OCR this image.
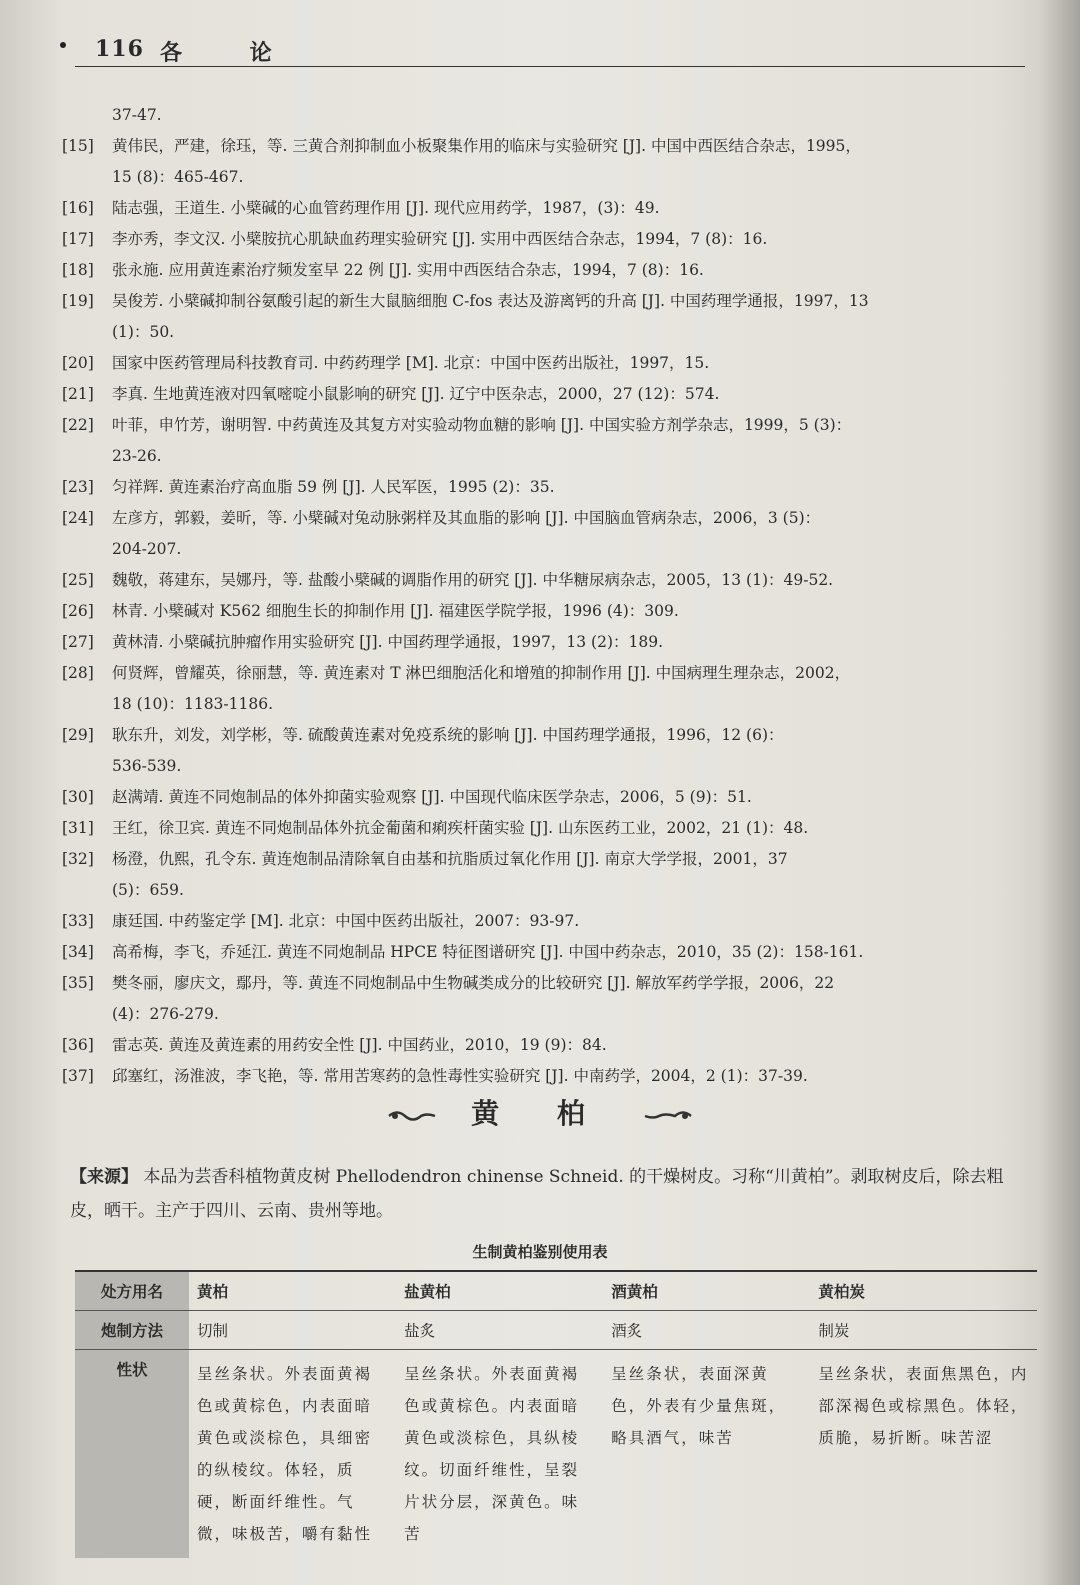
116 各 论
37-47.
[15] 黄伟民，严建，徐珏，等. 三黄合剂抑制血小板聚集作用的临床与实验研究 [J]. 中国中西医结合杂志，1995，
15 (8)：465-467.
[16] 陆志强，王道生. 小檗碱的心血管药理作用 [J]. 现代应用药学，1987，(3)：49.
[17] 李亦秀，李文汉. 小檗胺抗心肌缺血药理实验研究 [J]. 实用中西医结合杂志，1994，7 (8)：16.
[18] 张永施. 应用黄连素治疗频发室早 22 例 [J]. 实用中西医结合杂志，1994，7 (8)：16.
[19] 吴俊芳. 小檗碱抑制谷氨酸引起的新生大鼠脑细胞 C-fos 表达及游离钙的升高 [J]. 中国药理学通报，1997，13
(1)：50.
[20] 国家中医药管理局科技教育司. 中药药理学 [M]. 北京：中国中医药出版社，1997，15.
[21] 李真. 生地黄连液对四氧嘧啶小鼠影响的研究 [J]. 辽宁中医杂志，2000，27 (12)：574.
[22] 叶菲，申竹芳，谢明智. 中药黄连及其复方对实验动物血糖的影响 [J]. 中国实验方剂学杂志，1999，5 (3)：
23-26.
[23] 匀祥辉. 黄连素治疗高血脂 59 例 [J]. 人民军医，1995 (2)：35.
[24] 左彦方，郭毅，姜昕，等. 小檗碱对兔动脉粥样及其血脂的影响 [J]. 中国脑血管病杂志，2006，3 (5)：
204-207.
[25] 魏敬，蒋建东，吴娜丹，等. 盐酸小檗碱的调脂作用的研究 [J]. 中华糖尿病杂志，2005，13 (1)：49-52.
[26] 林青. 小檗碱对 K562 细胞生长的抑制作用 [J]. 福建医学院学报，1996 (4)：309.
[27] 黄林清. 小檗碱抗肿瘤作用实验研究 [J]. 中国药理学通报，1997，13 (2)：189.
[28] 何贤辉，曾耀英，徐丽慧，等. 黄连素对 T 淋巴细胞活化和增殖的抑制作用 [J]. 中国病理生理杂志，2002，
18 (10)：1183-1186.
[29] 耿东升，刘发，刘学彬，等. 硫酸黄连素对免疫系统的影响 [J]. 中国药理学通报，1996，12 (6)：
536-539.
[30] 赵满靖. 黄连不同炮制品的体外抑菌实验观察 [J]. 中国现代临床医学杂志，2006，5 (9)：51.
[31] 王红，徐卫宾. 黄连不同炮制品体外抗金葡菌和痢疾杆菌实验 [J]. 山东医药工业，2002，21 (1)：48.
[32] 杨澄，仇熙，孔令东. 黄连炮制品清除氧自由基和抗脂质过氧化作用 [J]. 南京大学学报，2001，37
(5)：659.
[33] 康廷国. 中药鉴定学 [M]. 北京：中国中医药出版社，2007：93-97.
[34] 高希梅，李飞，乔延江. 黄连不同炮制品 HPCE 特征图谱研究 [J]. 中国中药杂志，2010，35 (2)：158-161.
[35] 樊冬丽，廖庆文，鄢丹，等. 黄连不同炮制品中生物碱类成分的比较研究 [J]. 解放军药学学报，2006，22
(4)：276-279.
[36] 雷志英. 黄连及黄连素的用药安全性 [J]. 中国药业，2010，19 (9)：84.
[37] 邱塞红，汤淮波，李飞艳，等. 常用苦寒药的急性毒性实验研究 [J]. 中南药学，2004，2 (1)：37-39.
黄 柏
【来源】 本品为芸香科植物黄皮树 Phellodendron chinense Schneid. 的干燥树皮。习称“川黄柏”。剥取树皮后，除去粗皮，晒干。主产于四川、云南、贵州等地。
生制黄柏鉴别使用表
处方用名	黄柏	盐黄柏	酒黄柏	黄柏炭
炮制方法	切制	盐炙	酒炙	制炭
性状	呈丝条状。外表面黄褐色或黄棕色，内表面暗黄色或淡棕色，具细密的纵棱纹。体轻，质硬，断面纤维性。气微，味极苦，嚼有黏性	呈丝条状。外表面黄褐色或黄棕色。内表面暗黄色或淡棕色，具纵棱纹。切面纤维性，呈裂片状分层，深黄色。味苦	呈丝条状，表面深黄色，外表有少量焦斑，略具酒气，味苦	呈丝条状，表面焦黑色，内部深褐色或棕黑色。体轻，质脆，易折断。味苦涩
